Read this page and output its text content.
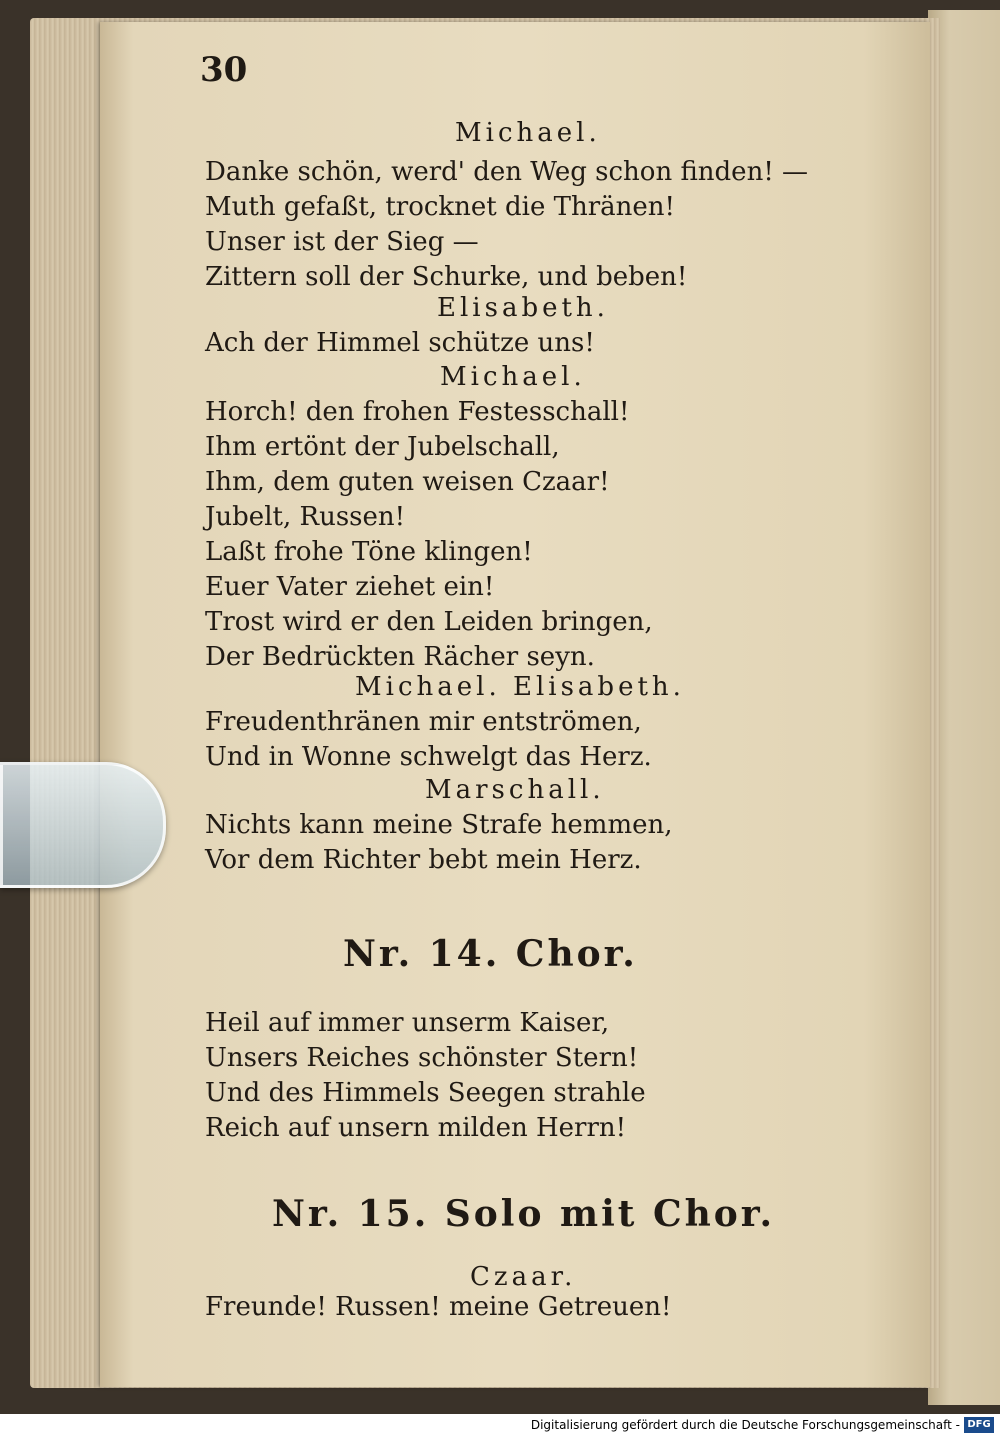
30

Michael.

Danke schön, werd' den Weg schon finden! —

Muth gefaßt, trocknet die Thränen!

Unser ist der Sieg —

Zittern soll der Schurke, und beben!

Elisabeth.

Ach der Himmel schütze uns!

Michael.

Horch! den frohen Festesschall!

Ihm ertönt der Jubelschall,

Ihm, dem guten weisen Czaar!

Jubelt, Russen!

Laßt frohe Töne klingen!

Euer Vater ziehet ein!

Trost wird er den Leiden bringen,

Der Bedrückten Rächer seyn.

Michael. Elisabeth.

Freudenthränen mir entströmen,

Und in Wonne schwelgt das Herz.

Marschall.

Nichts kann meine Strafe hemmen,

Vor dem Richter bebt mein Herz.

Nr. 14. Chor.

Heil auf immer unserm Kaiser,

Unsers Reiches schönster Stern!

Und des Himmels Seegen strahle

Reich auf unsern milden Herrn!

Nr. 15. Solo mit Chor.

Czaar.

Freunde! Russen! meine Getreuen!

Digitalisierung gefördert durch die Deutsche Forschungsgemeinschaft - DFG
